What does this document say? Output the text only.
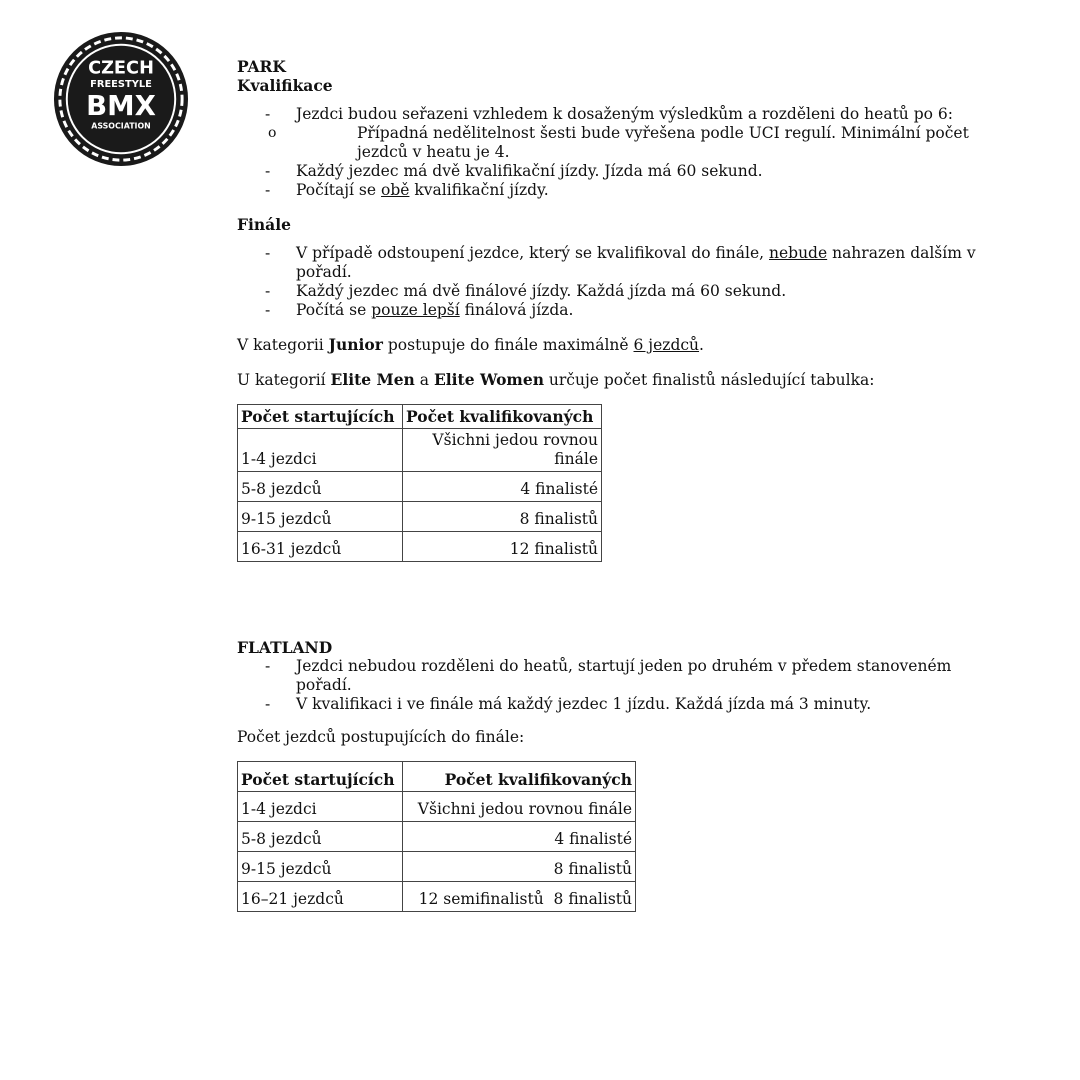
CZECH
FREESTYLE
BMX
ASSOCIATION

PARK

Kvalifikace

- Jezdci budou seřazeni vzhledem k dosaženým výsledkům a rozděleni do heatů po 6:
o Případná nedělitelnost šesti bude vyřešena podle UCI regulí. Minimální počet jezdců v heatu je 4.
- Každý jezdec má dvě kvalifikační jízdy. Jízda má 60 sekund.
- Počítají se obě kvalifikační jízdy.

Finále

- V případě odstoupení jezdce, který se kvalifikoval do finále, nebude nahrazen dalším v pořadí.
- Každý jezdec má dvě finálové jízdy. Každá jízda má 60 sekund.
- Počítá se pouze lepší finálová jízda.

V kategorii Junior postupuje do finále maximálně 6 jezdců.

U kategorií Elite Men a Elite Women určuje počet finalistů následující tabulka:

Počet startujících	Počet kvalifikovaných
1-4 jezdci	Všichni jedou rovnou finále
5-8 jezdců	4 finalisté
9-15 jezdců	8 finalistů
16-31 jezdců	12 finalistů

FLATLAND

- Jezdci nebudou rozděleni do heatů, startují jeden po druhém v předem stanoveném pořadí.
- V kvalifikaci i ve finále má každý jezdec 1 jízdu. Každá jízda má 3 minuty.

Počet jezdců postupujících do finále:

Počet startujících	Počet kvalifikovaných
1-4 jezdci	Všichni jedou rovnou finále
5-8 jezdců	4 finalisté
9-15 jezdců	8 finalistů
16–21 jezdců	12 semifinalistů  8 finalistů
